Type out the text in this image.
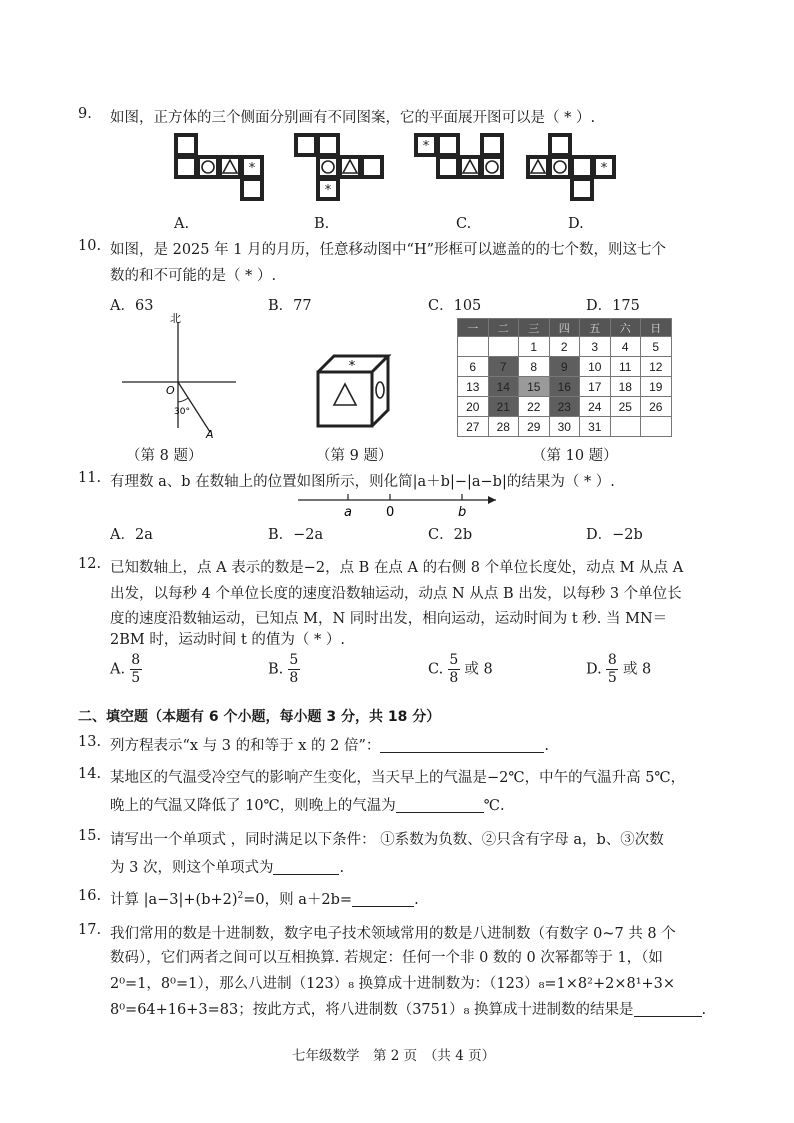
9. 如图，正方体的三个侧面分别画有不同图案，它的平面展开图可以是（ * ）.
*
*
*
*
A.	B.	C.	D.
10. 如图，是 2025 年 1 月的月历，任意移动图中“H”形框可以遮盖的的七个数，则这七个
数的和不可能的是（ * ）.
A．63	B．77	C．105	D．175
北
O
30°
A
（第 8 题）
*
（第 9 题）
一	二	三	四	五	六	日
		1	2	3	4	5
6	7	8	9	10	11	12
13	14	15	16	17	18	19
20	21	22	23	24	25	26
27	28	29	30	31		
（第 10 题）
11. 有理数 a、b 在数轴上的位置如图所示，则化简|a＋b|−|a−b|的结果为（ * ）.
a	0	b
A．2a	B．−2a	C．2b	D．−2b
12. 已知数轴上，点 A 表示的数是−2，点 B 在点 A 的右侧 8 个单位长度处，动点 M 从点 A
出发，以每秒 4 个单位长度的速度沿数轴运动，动点 N 从点 B 出发，以每秒 3 个单位长
度的速度沿数轴运动，已知点 M，N 同时出发，相向运动，运动时间为 t 秒. 当 MN＝
2BM 时，运动时间 t 的值为（ * ）.
A. $\frac{8}{5}$	B. $\frac{5}{8}$	C. $\frac{5}{8}$ 或 8	D. $\frac{8}{5}$ 或 8
二、填空题（本题有 6 个小题，每小题 3 分，共 18 分）
13. 列方程表示“x 与 3 的和等于 x 的 2 倍”：	.
14. 某地区的气温受冷空气的影响产生变化，当天早上的气温是−2℃，中午的气温升高 5℃，
晚上的气温又降低了 10℃，则晚上的气温为	℃.
15. 请写出一个单项式 ，同时满足以下条件： ①系数为负数、②只含有字母 a，b、③次数
为 3 次，则这个单项式为	.
16. 计算 $|a-3|+(b+2)^2=0$，则 a＋2b=	.
17. 我们常用的数是十进制数，数字电子技术领域常用的数是八进制数（有数字 0~7 共 8 个
数码），它们两者之间可以互相换算. 若规定：任何一个非 0 数的 0 次幂都等于 1，（如
2⁰=1，8⁰=1），那么八进制（123）₈ 换算成十进制数为：（123）₈=1×8²+2×8¹+3×
8⁰=64+16+3=83；按此方式，将八进制数（3751）₈ 换算成十进制数的结果是	.
七年级数学　第 2 页　（共 4 页）
